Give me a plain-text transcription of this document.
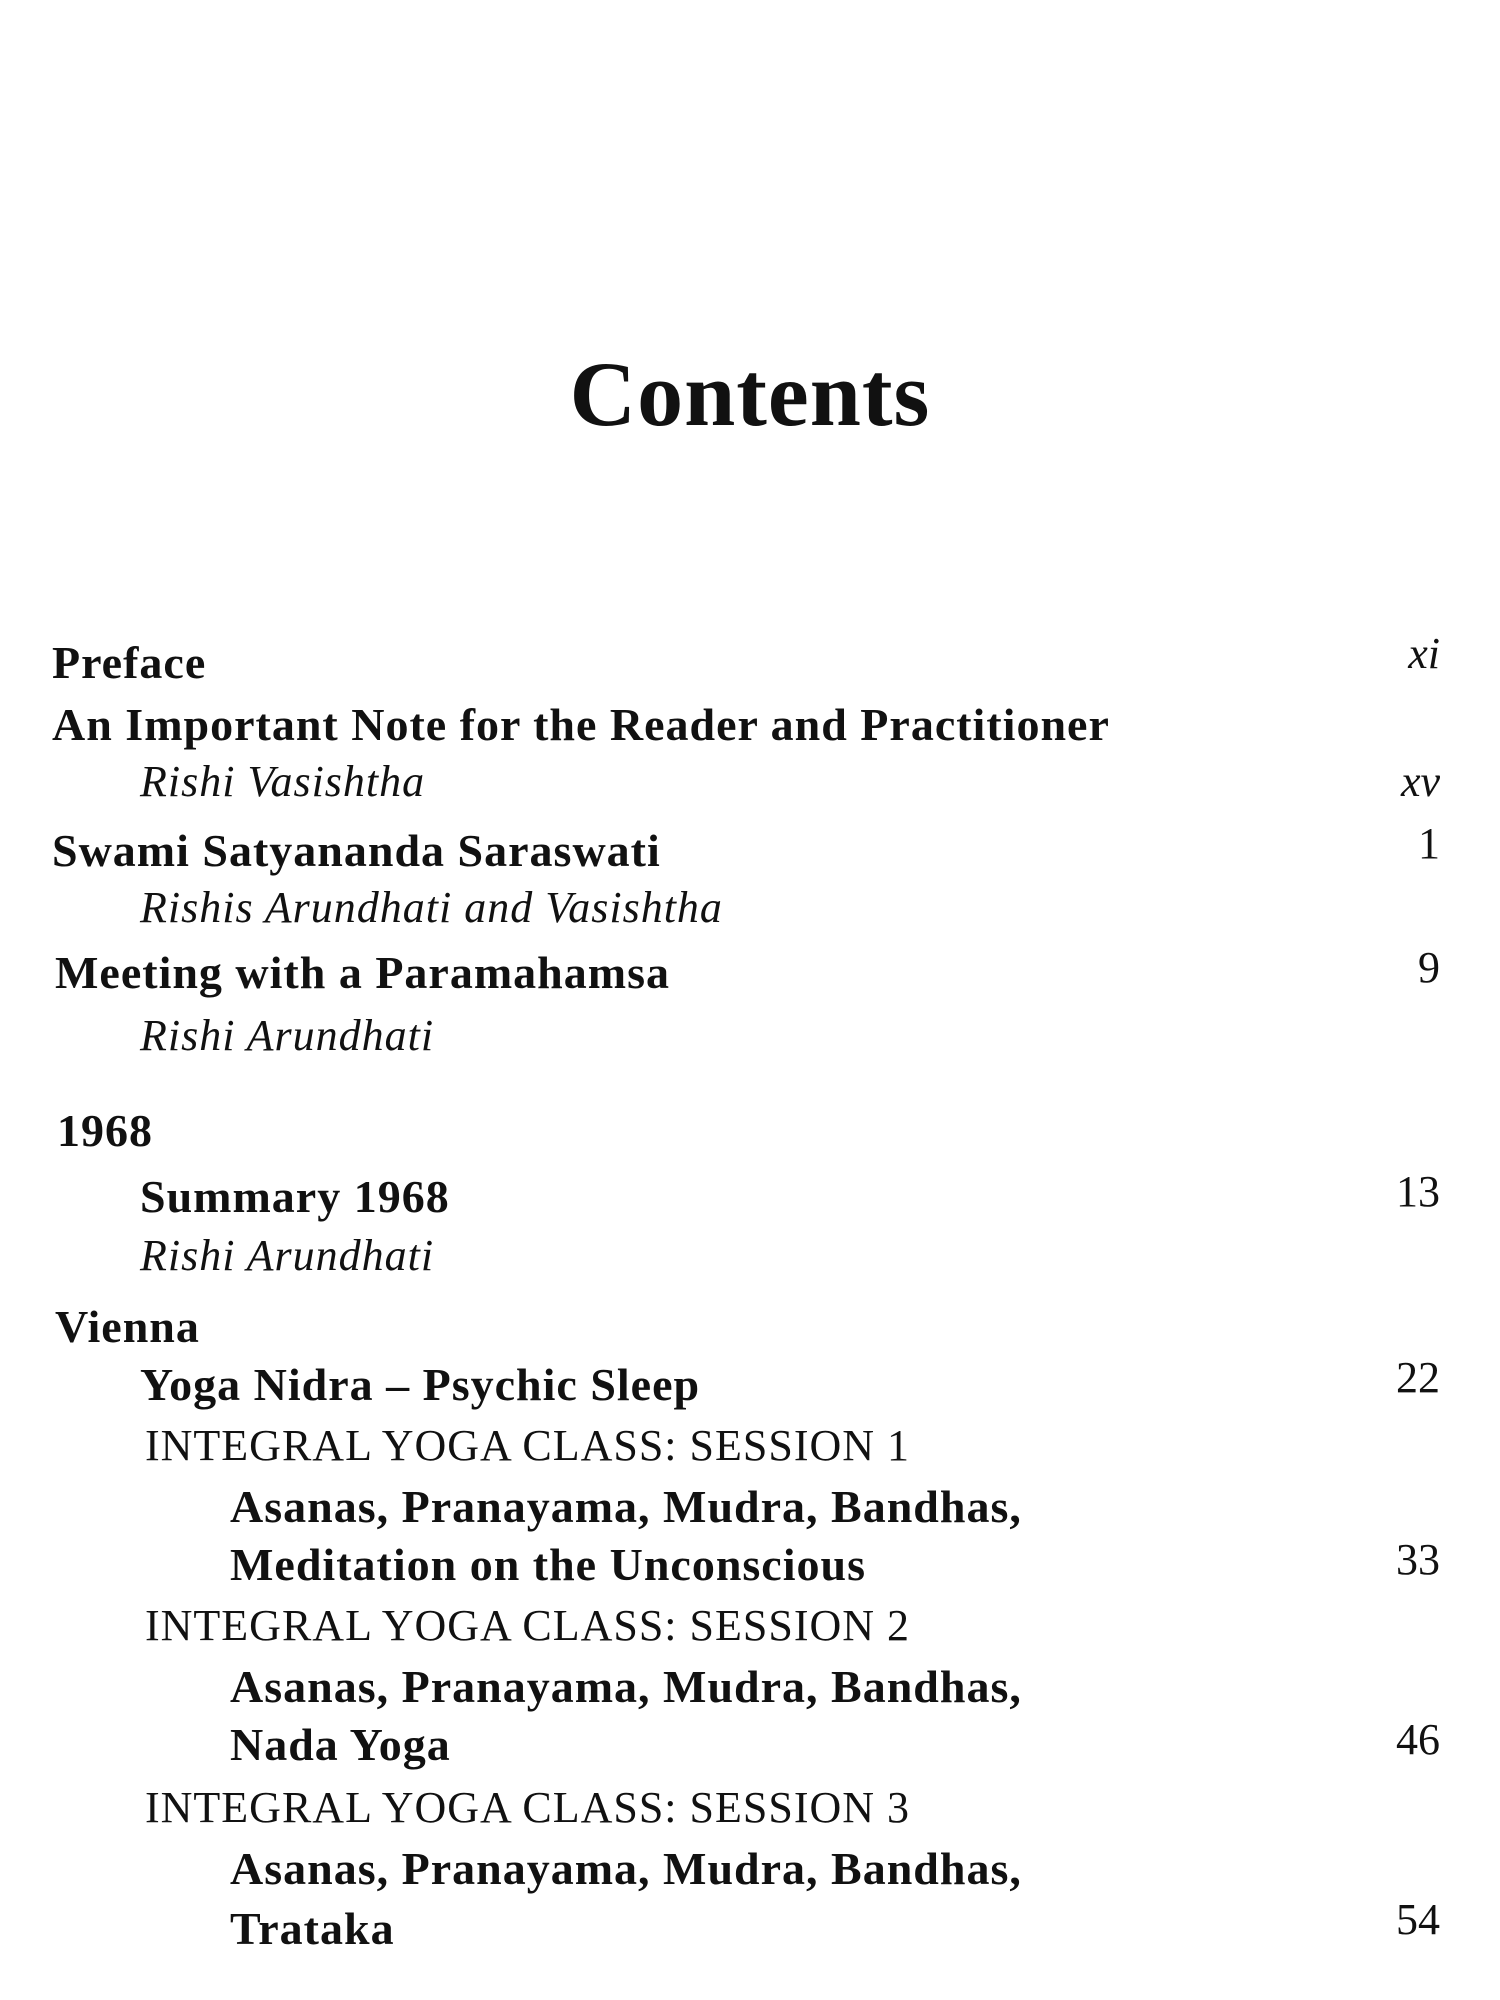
Contents
Preface	xi
An Important Note for the Reader and Practitioner
Rishi Vasishtha	xv
Swami Satyananda Saraswati	1
Rishis Arundhati and Vasishtha
Meeting with a Paramahamsa	9
Rishi Arundhati
1968
Summary 1968	13
Rishi Arundhati
Vienna
Yoga Nidra – Psychic Sleep	22
INTEGRAL YOGA CLASS: SESSION 1
Asanas, Pranayama, Mudra, Bandhas,
Meditation on the Unconscious	33
INTEGRAL YOGA CLASS: SESSION 2
Asanas, Pranayama, Mudra, Bandhas,
Nada Yoga	46
INTEGRAL YOGA CLASS: SESSION 3
Asanas, Pranayama, Mudra, Bandhas,
Trataka	54
